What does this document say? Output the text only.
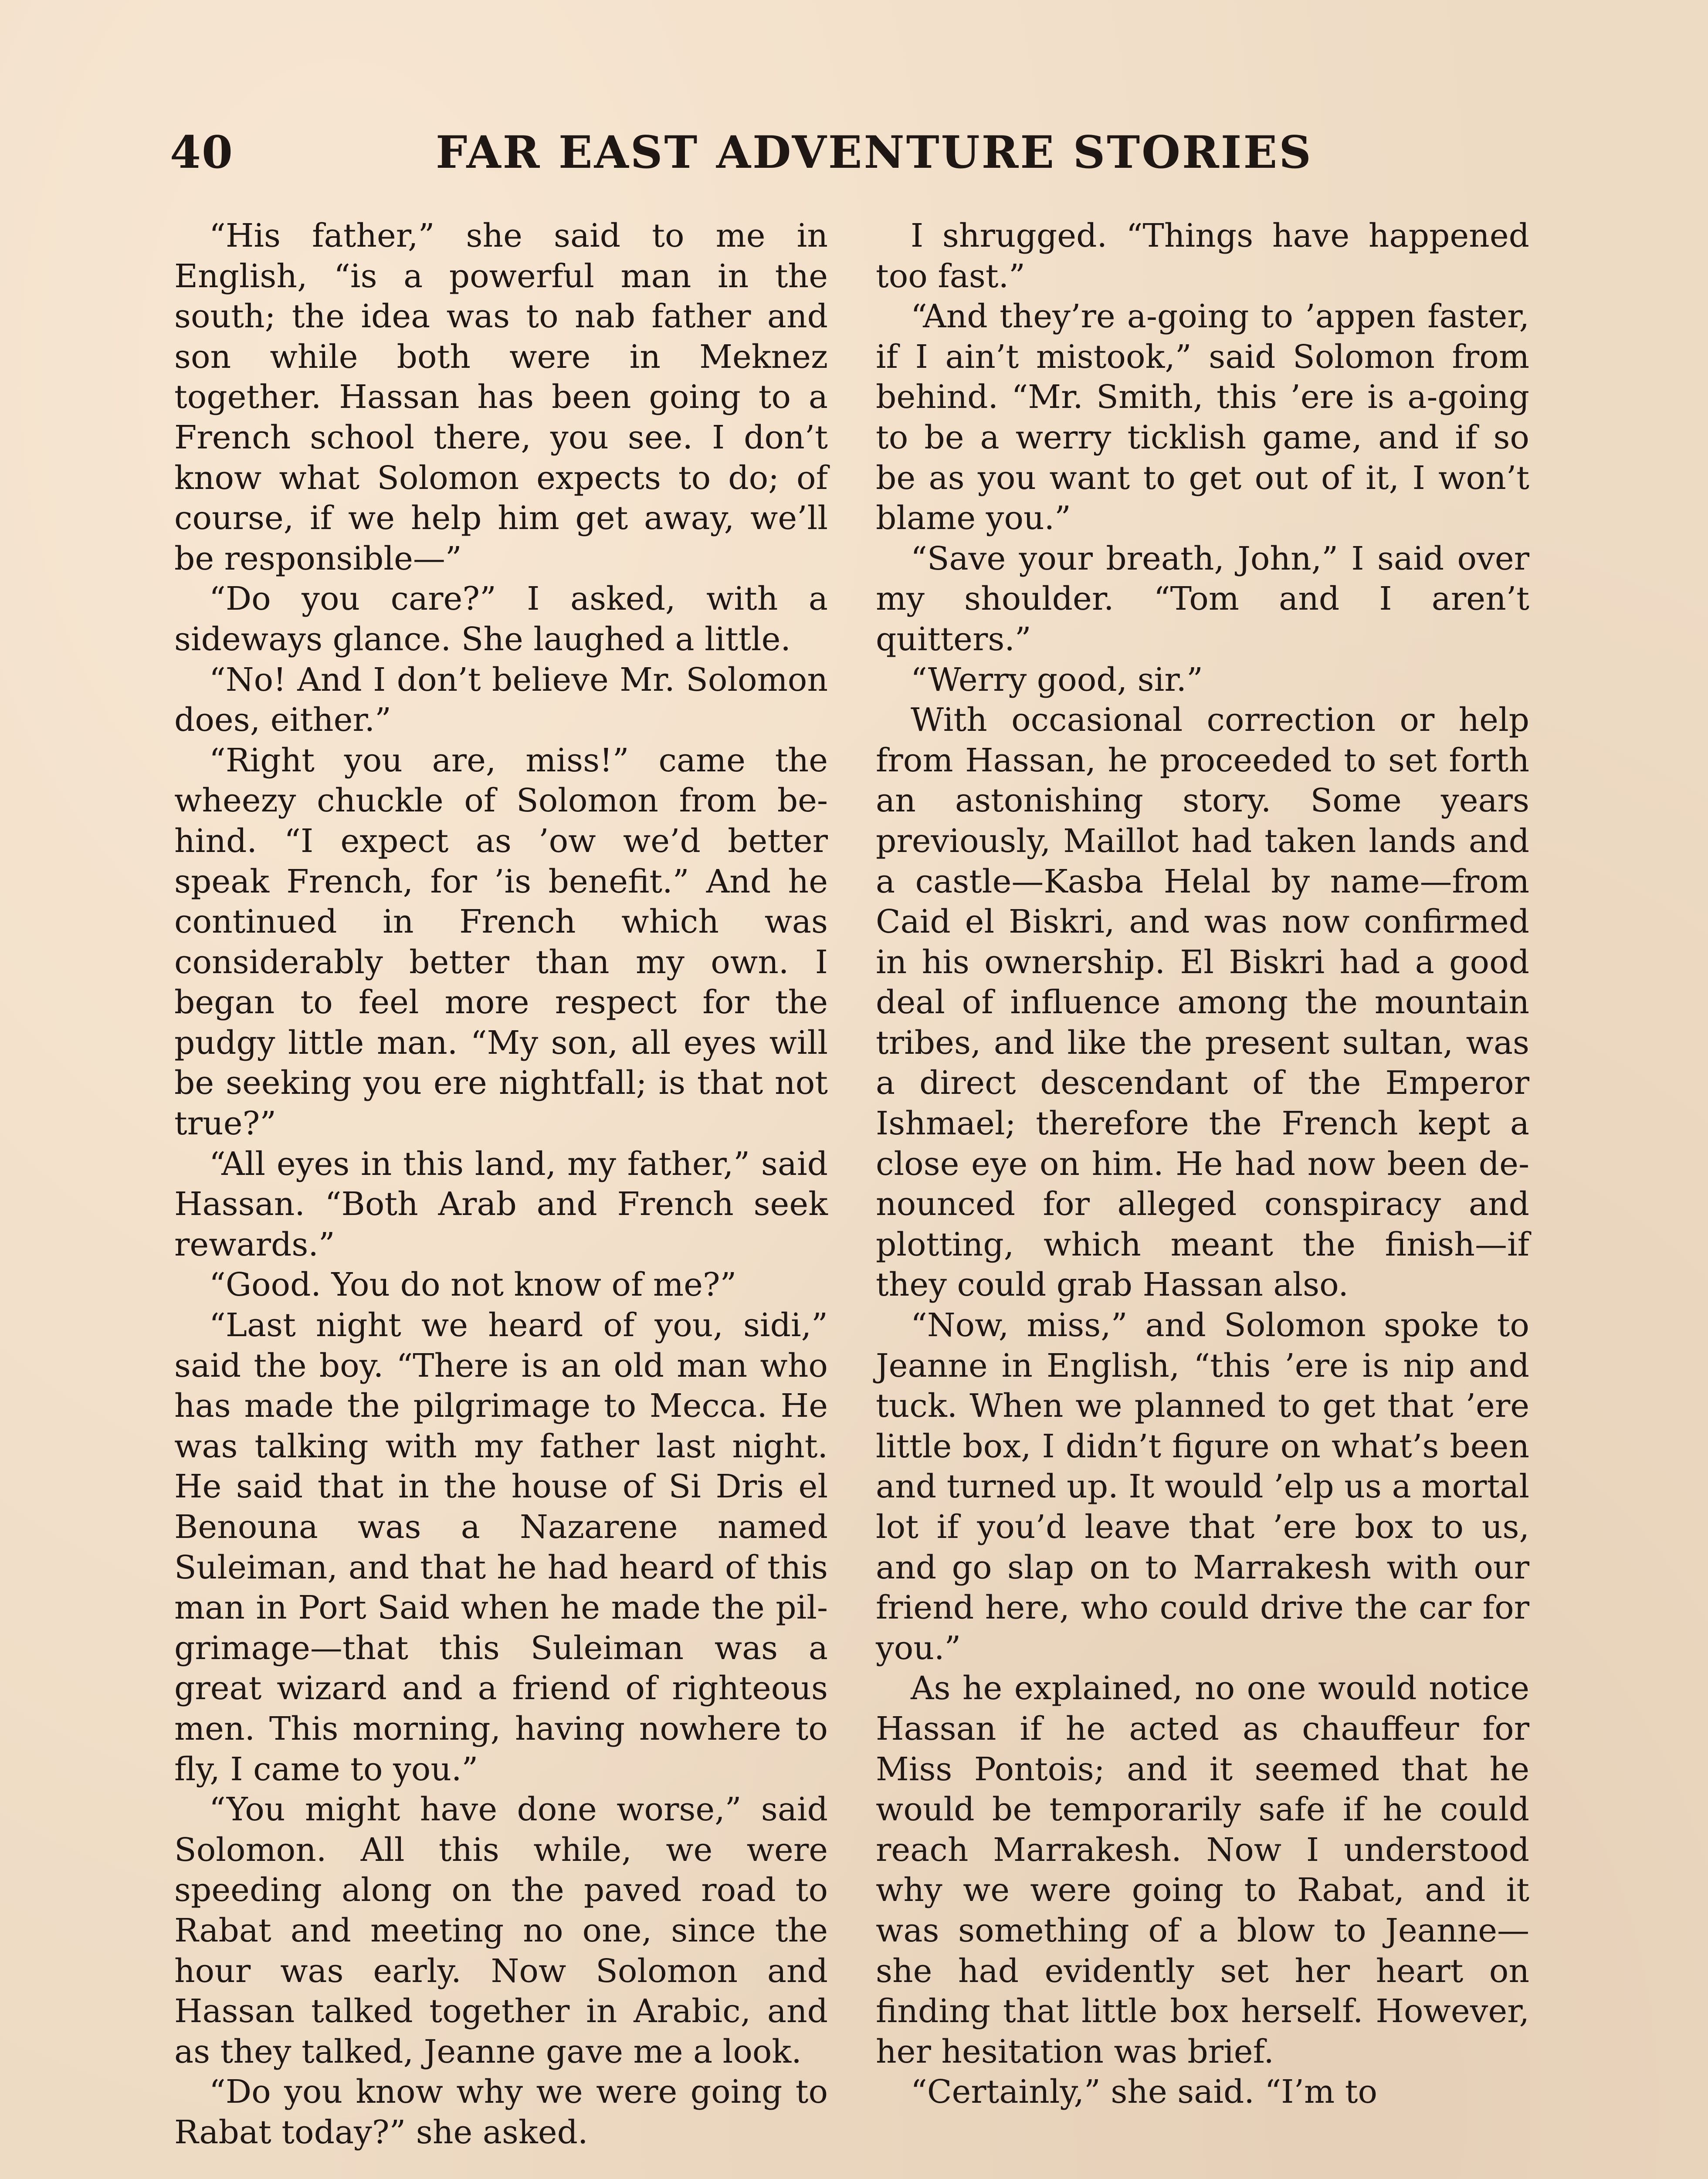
40	FAR EAST ADVENTURE STORIES

“His father,” she said to me in English, “is a powerful man in the south; the idea was to nab father and son while both were in Meknez together. Hassan has been going to a French school there, you see. I don’t know what Solomon expects to do; of course, if we help him get away, we’ll be responsible—”

“Do you care?” I asked, with a sideways glance. She laughed a little.

“No! And I don’t believe Mr. Solomon does, either.”

“Right you are, miss!” came the wheezy chuckle of Solomon from behind. “I expect as ’ow we’d better speak French, for ’is benefit.” And he continued in French which was considerably better than my own. I began to feel more respect for the pudgy little man. “My son, all eyes will be seeking you ere nightfall; is that not true?”

“All eyes in this land, my father,” said Hassan. “Both Arab and French seek rewards.”

“Good. You do not know of me?”

“Last night we heard of you, sidi,” said the boy. “There is an old man who has made the pilgrimage to Mecca. He was talking with my father last night. He said that in the house of Si Dris el Benouna was a Nazarene named Suleiman, and that he had heard of this man in Port Said when he made the pilgrimage—that this Suleiman was a great wizard and a friend of righteous men. This morning, having nowhere to fly, I came to you.”

“You might have done worse,” said Solomon. All this while, we were speeding along on the paved road to Rabat and meeting no one, since the hour was early. Now Solomon and Hassan talked together in Arabic, and as they talked, Jeanne gave me a look.

“Do you know why we were going to Rabat today?” she asked.

I shrugged. “Things have happened too fast.”

“And they’re a-going to ’appen faster, if I ain’t mistook,” said Solomon from behind. “Mr. Smith, this ’ere is a-going to be a werry ticklish game, and if so be as you want to get out of it, I won’t blame you.”

“Save your breath, John,” I said over my shoulder. “Tom and I aren’t quitters.”

“Werry good, sir.”

With occasional correction or help from Hassan, he proceeded to set forth an astonishing story. Some years previously, Maillot had taken lands and a castle—Kasba Helal by name—from Caid el Biskri, and was now confirmed in his ownership. El Biskri had a good deal of influence among the mountain tribes, and like the present sultan, was a direct descendant of the Emperor Ishmael; therefore the French kept a close eye on him. He had now been denounced for alleged conspiracy and plotting, which meant the finish—if they could grab Hassan also.

“Now, miss,” and Solomon spoke to Jeanne in English, “this ’ere is nip and tuck. When we planned to get that ’ere little box, I didn’t figure on what’s been and turned up. It would ’elp us a mortal lot if you’d leave that ’ere box to us, and go slap on to Marrakesh with our friend here, who could drive the car for you.”

As he explained, no one would notice Hassan if he acted as chauffeur for Miss Pontois; and it seemed that he would be temporarily safe if he could reach Marrakesh. Now I understood why we were going to Rabat, and it was something of a blow to Jeanne—she had evidently set her heart on finding that little box herself. However, her hesitation was brief.

“Certainly,” she said. “I’m to
